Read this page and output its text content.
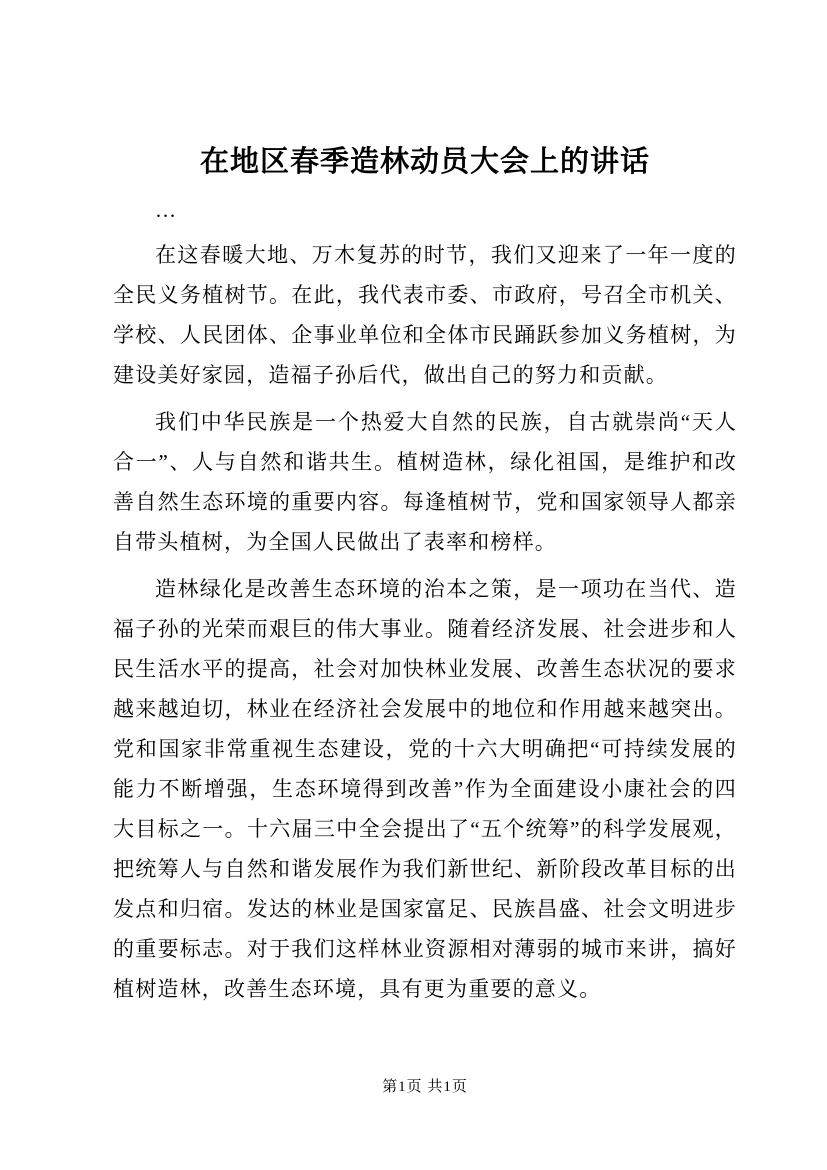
在地区春季造林动员大会上的讲话
…

在这春暖大地、万木复苏的时节，我们又迎来了一年一度的全民义务植树节。在此，我代表市委、市政府，号召全市机关、学校、人民团体、企事业单位和全体市民踊跃参加义务植树，为建设美好家园，造福子孙后代，做出自己的努力和贡献。

我们中华民族是一个热爱大自然的民族，自古就崇尚“天人合一”、人与自然和谐共生。植树造林，绿化祖国，是维护和改善自然生态环境的重要内容。每逢植树节，党和国家领导人都亲自带头植树，为全国人民做出了表率和榜样。

造林绿化是改善生态环境的治本之策，是一项功在当代、造福子孙的光荣而艰巨的伟大事业。随着经济发展、社会进步和人民生活水平的提高，社会对加快林业发展、改善生态状况的要求越来越迫切，林业在经济社会发展中的地位和作用越来越突出。党和国家非常重视生态建设，党的十六大明确把“可持续发展的能力不断增强，生态环境得到改善”作为全面建设小康社会的四大目标之一。十六届三中全会提出了“五个统筹”的科学发展观，把统筹人与自然和谐发展作为我们新世纪、新阶段改革目标的出发点和归宿。发达的林业是国家富足、民族昌盛、社会文明进步的重要标志。对于我们这样林业资源相对薄弱的城市来讲，搞好植树造林，改善生态环境，具有更为重要的意义。

第1页 共1页
